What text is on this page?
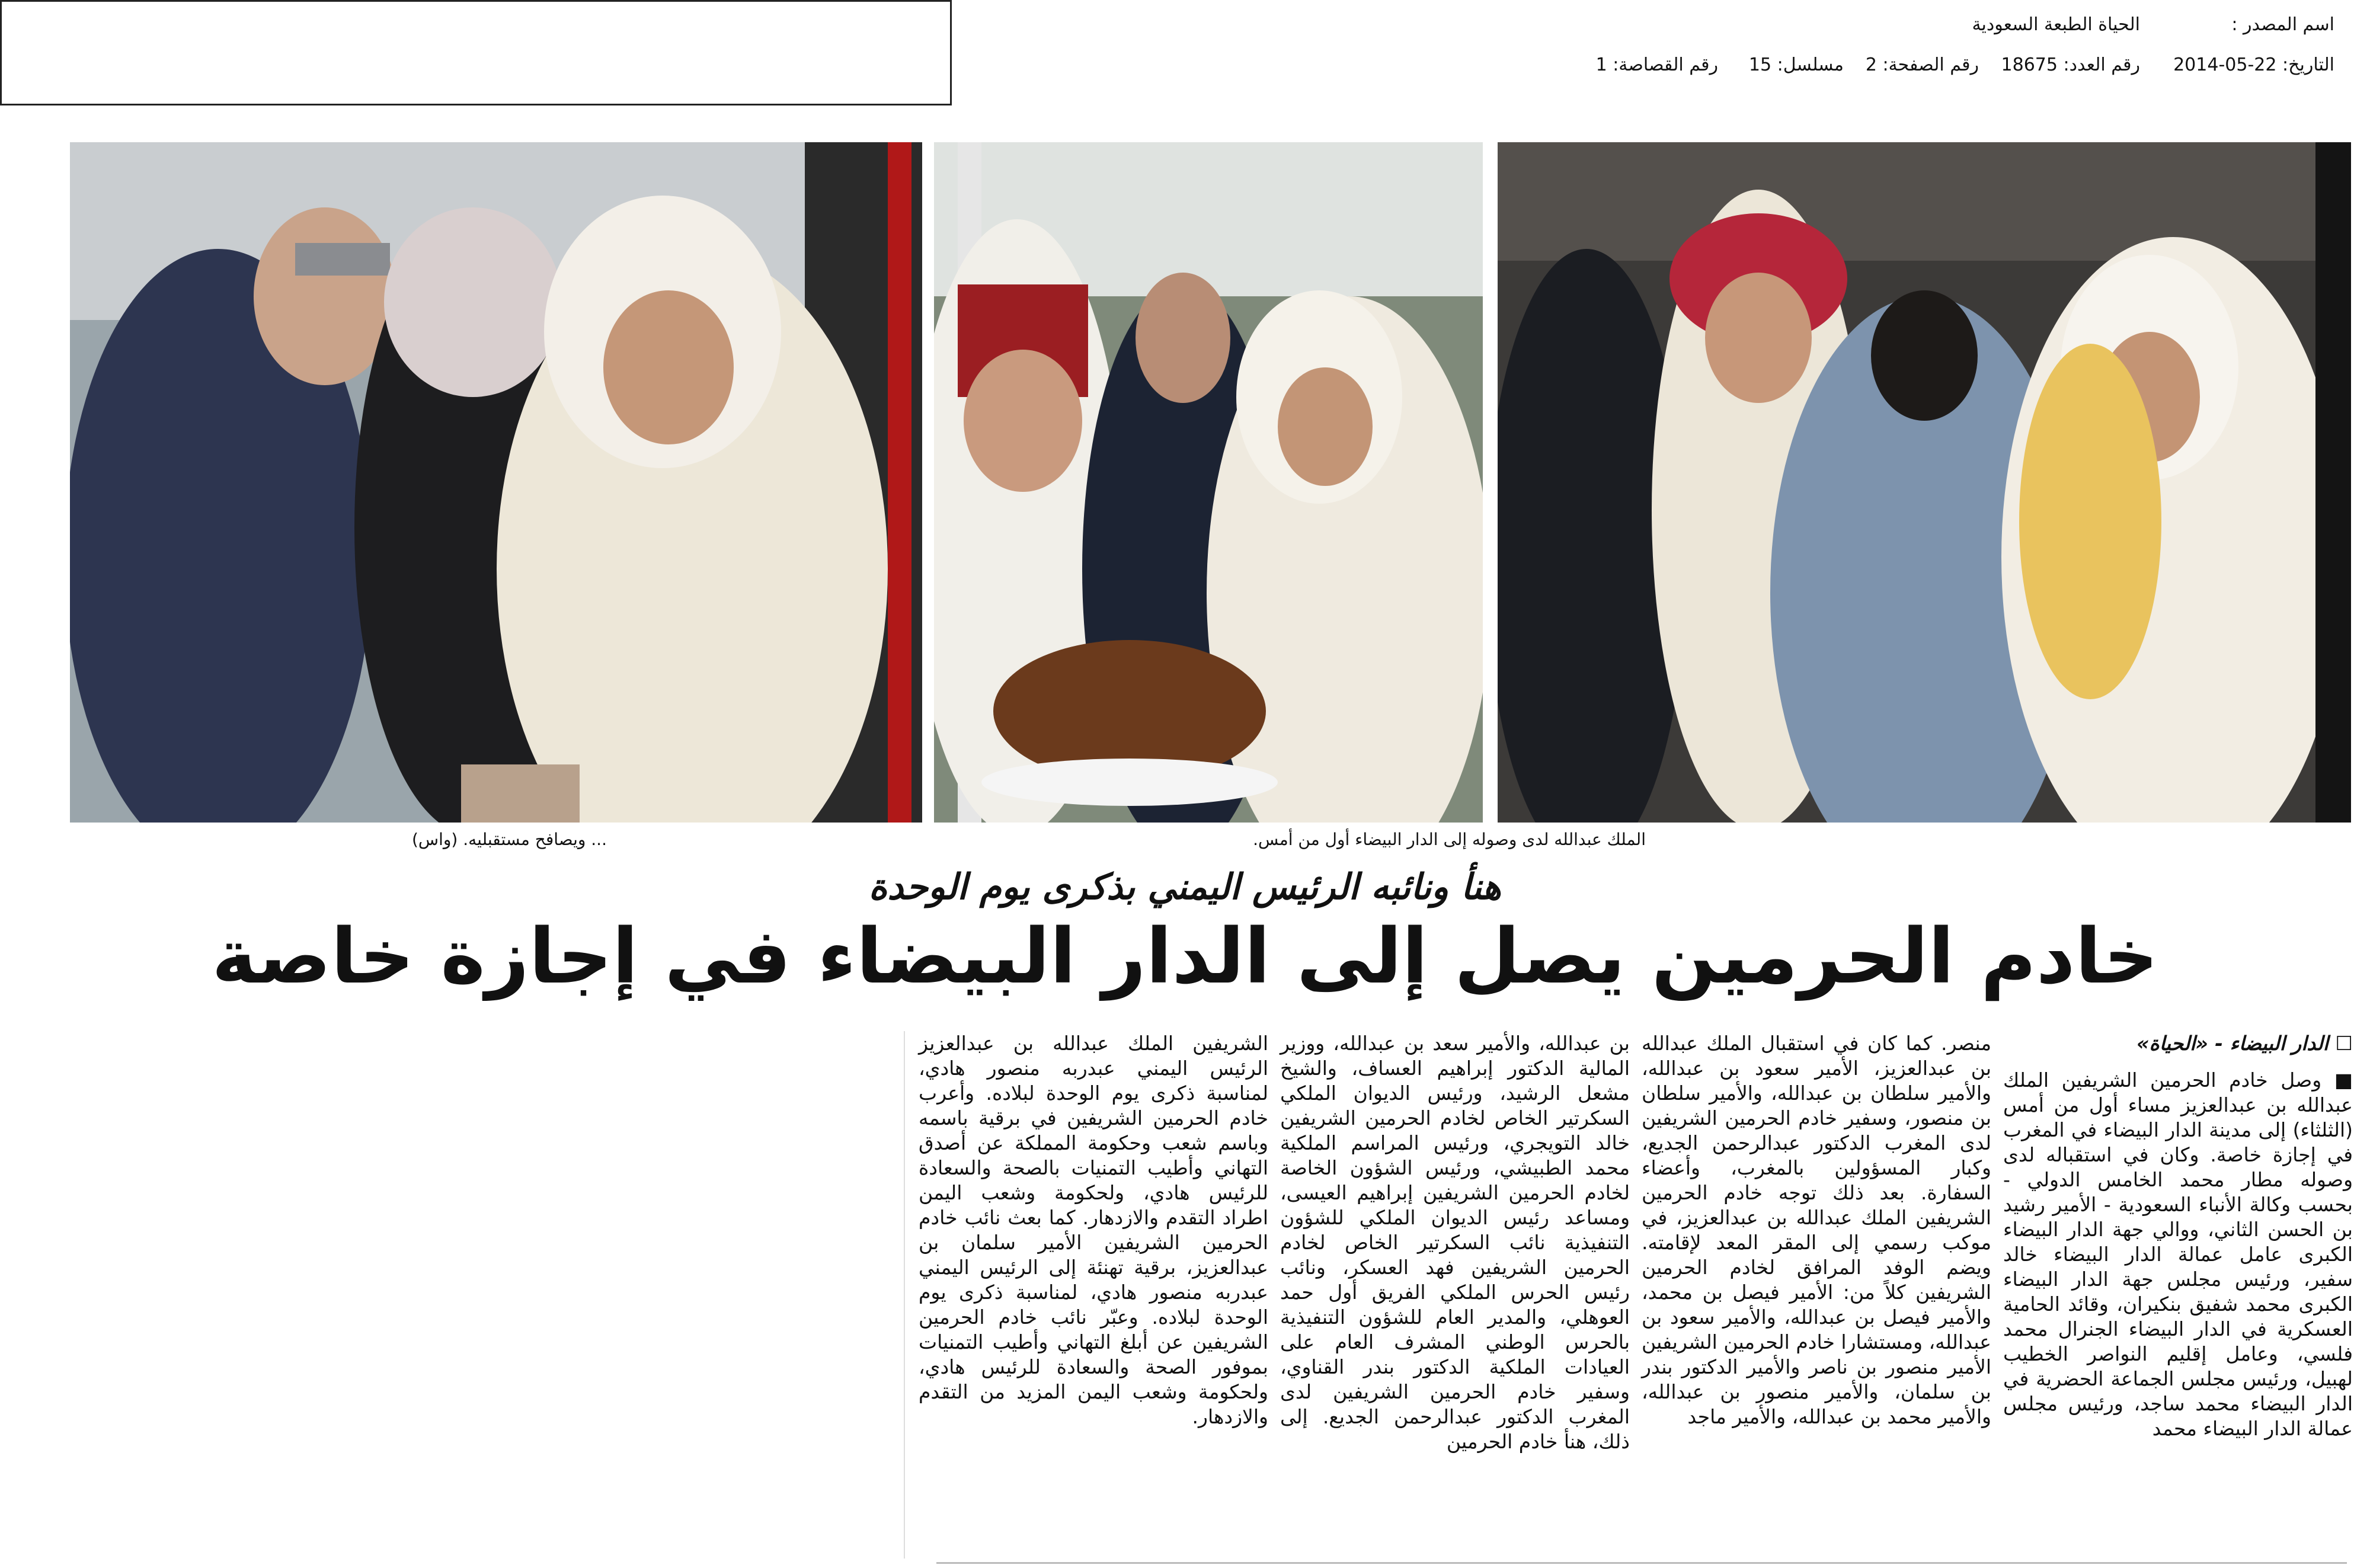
اسم المصدر :
الحياة الطبعة السعودية
التاريخ: 22-05-2014
رقم العدد: 18675
رقم الصفحة: 2
مسلسل: 15
رقم القصاصة: 1
الملك عبدالله لدى وصوله إلى الدار البيضاء أول من أمس.
... ويصافح مستقبليه. (واس)
هنأ ونائبه الرئيس اليمني بذكرى يوم الوحدة
خادم الحرمين يصل إلى الدار البيضاء في إجازة خاصة

☐ الدار البيضاء - «الحياة»

■ وصل خادم الحرمين الشريفين الملك عبدالله بن عبدالعزيز مساء أول من أمس (الثلثاء) إلى مدينة الدار البيضاء في المغرب في إجازة خاصة. وكان في استقباله لدى وصوله مطار محمد الخامس الدولي - بحسب وكالة الأنباء السعودية - الأمير رشيد بن الحسن الثاني، ووالي جهة الدار البيضاء الكبرى عامل عمالة الدار البيضاء خالد سفير، ورئيس مجلس جهة الدار البيضاء الكبرى محمد شفيق بنكيران، وقائد الحامية العسكرية في الدار البيضاء الجنرال محمد فلسي، وعامل إقليم النواصر الخطيب لهبيل، ورئيس مجلس الجماعة الحضرية في الدار البيضاء محمد ساجد، ورئيس مجلس عمالة الدار البيضاء محمد

منصر. كما كان في استقبال الملك عبدالله بن عبدالعزيز، الأمير سعود بن عبدالله، والأمير سلطان بن عبدالله، والأمير سلطان بن منصور، وسفير خادم الحرمين الشريفين لدى المغرب الدكتور عبدالرحمن الجديع، وكبار المسؤولين بالمغرب، وأعضاء السفارة. بعد ذلك توجه خادم الحرمين الشريفين الملك عبدالله بن عبدالعزيز، في موكب رسمي إلى المقر المعد لإقامته. ويضم الوفد المرافق لخادم الحرمين الشريفين كلاً من: الأمير فيصل بن محمد، والأمير فيصل بن عبدالله، والأمير سعود بن عبدالله، ومستشارا خادم الحرمين الشريفين الأمير منصور بن ناصر والأمير الدكتور بندر بن سلمان، والأمير منصور بن عبدالله، والأمير محمد بن عبدالله، والأمير ماجد

بن عبدالله، والأمير سعد بن عبدالله، ووزير المالية الدكتور إبراهيم العساف، والشيخ مشعل الرشيد، ورئيس الديوان الملكي السكرتير الخاص لخادم الحرمين الشريفين خالد التويجري، ورئيس المراسم الملكية محمد الطبيشي، ورئيس الشؤون الخاصة لخادم الحرمين الشريفين إبراهيم العيسى، ومساعد رئيس الديوان الملكي للشؤون التنفيذية نائب السكرتير الخاص لخادم الحرمين الشريفين فهد العسكر، ونائب رئيس الحرس الملكي الفريق أول حمد العوهلي، والمدير العام للشؤون التنفيذية بالحرس الوطني المشرف العام على العيادات الملكية الدكتور بندر القناوي، وسفير خادم الحرمين الشريفين لدى المغرب الدكتور عبدالرحمن الجديع. إلى ذلك، هنأ خادم الحرمين

الشريفين الملك عبدالله بن عبدالعزيز الرئيس اليمني عبدربه منصور هادي، لمناسبة ذكرى يوم الوحدة لبلاده. وأعرب خادم الحرمين الشريفين في برقية باسمه وباسم شعب وحكومة المملكة عن أصدق التهاني وأطيب التمنيات بالصحة والسعادة للرئيس هادي، ولحكومة وشعب اليمن اطراد التقدم والازدهار. كما بعث نائب خادم الحرمين الشريفين الأمير سلمان بن عبدالعزيز، برقية تهنئة إلى الرئيس اليمني عبدربه منصور هادي، لمناسبة ذكرى يوم الوحدة لبلاده. وعبّر نائب خادم الحرمين الشريفين عن أبلغ التهاني وأطيب التمنيات بموفور الصحة والسعادة للرئيس هادي، ولحكومة وشعب اليمن المزيد من التقدم والازدهار.
